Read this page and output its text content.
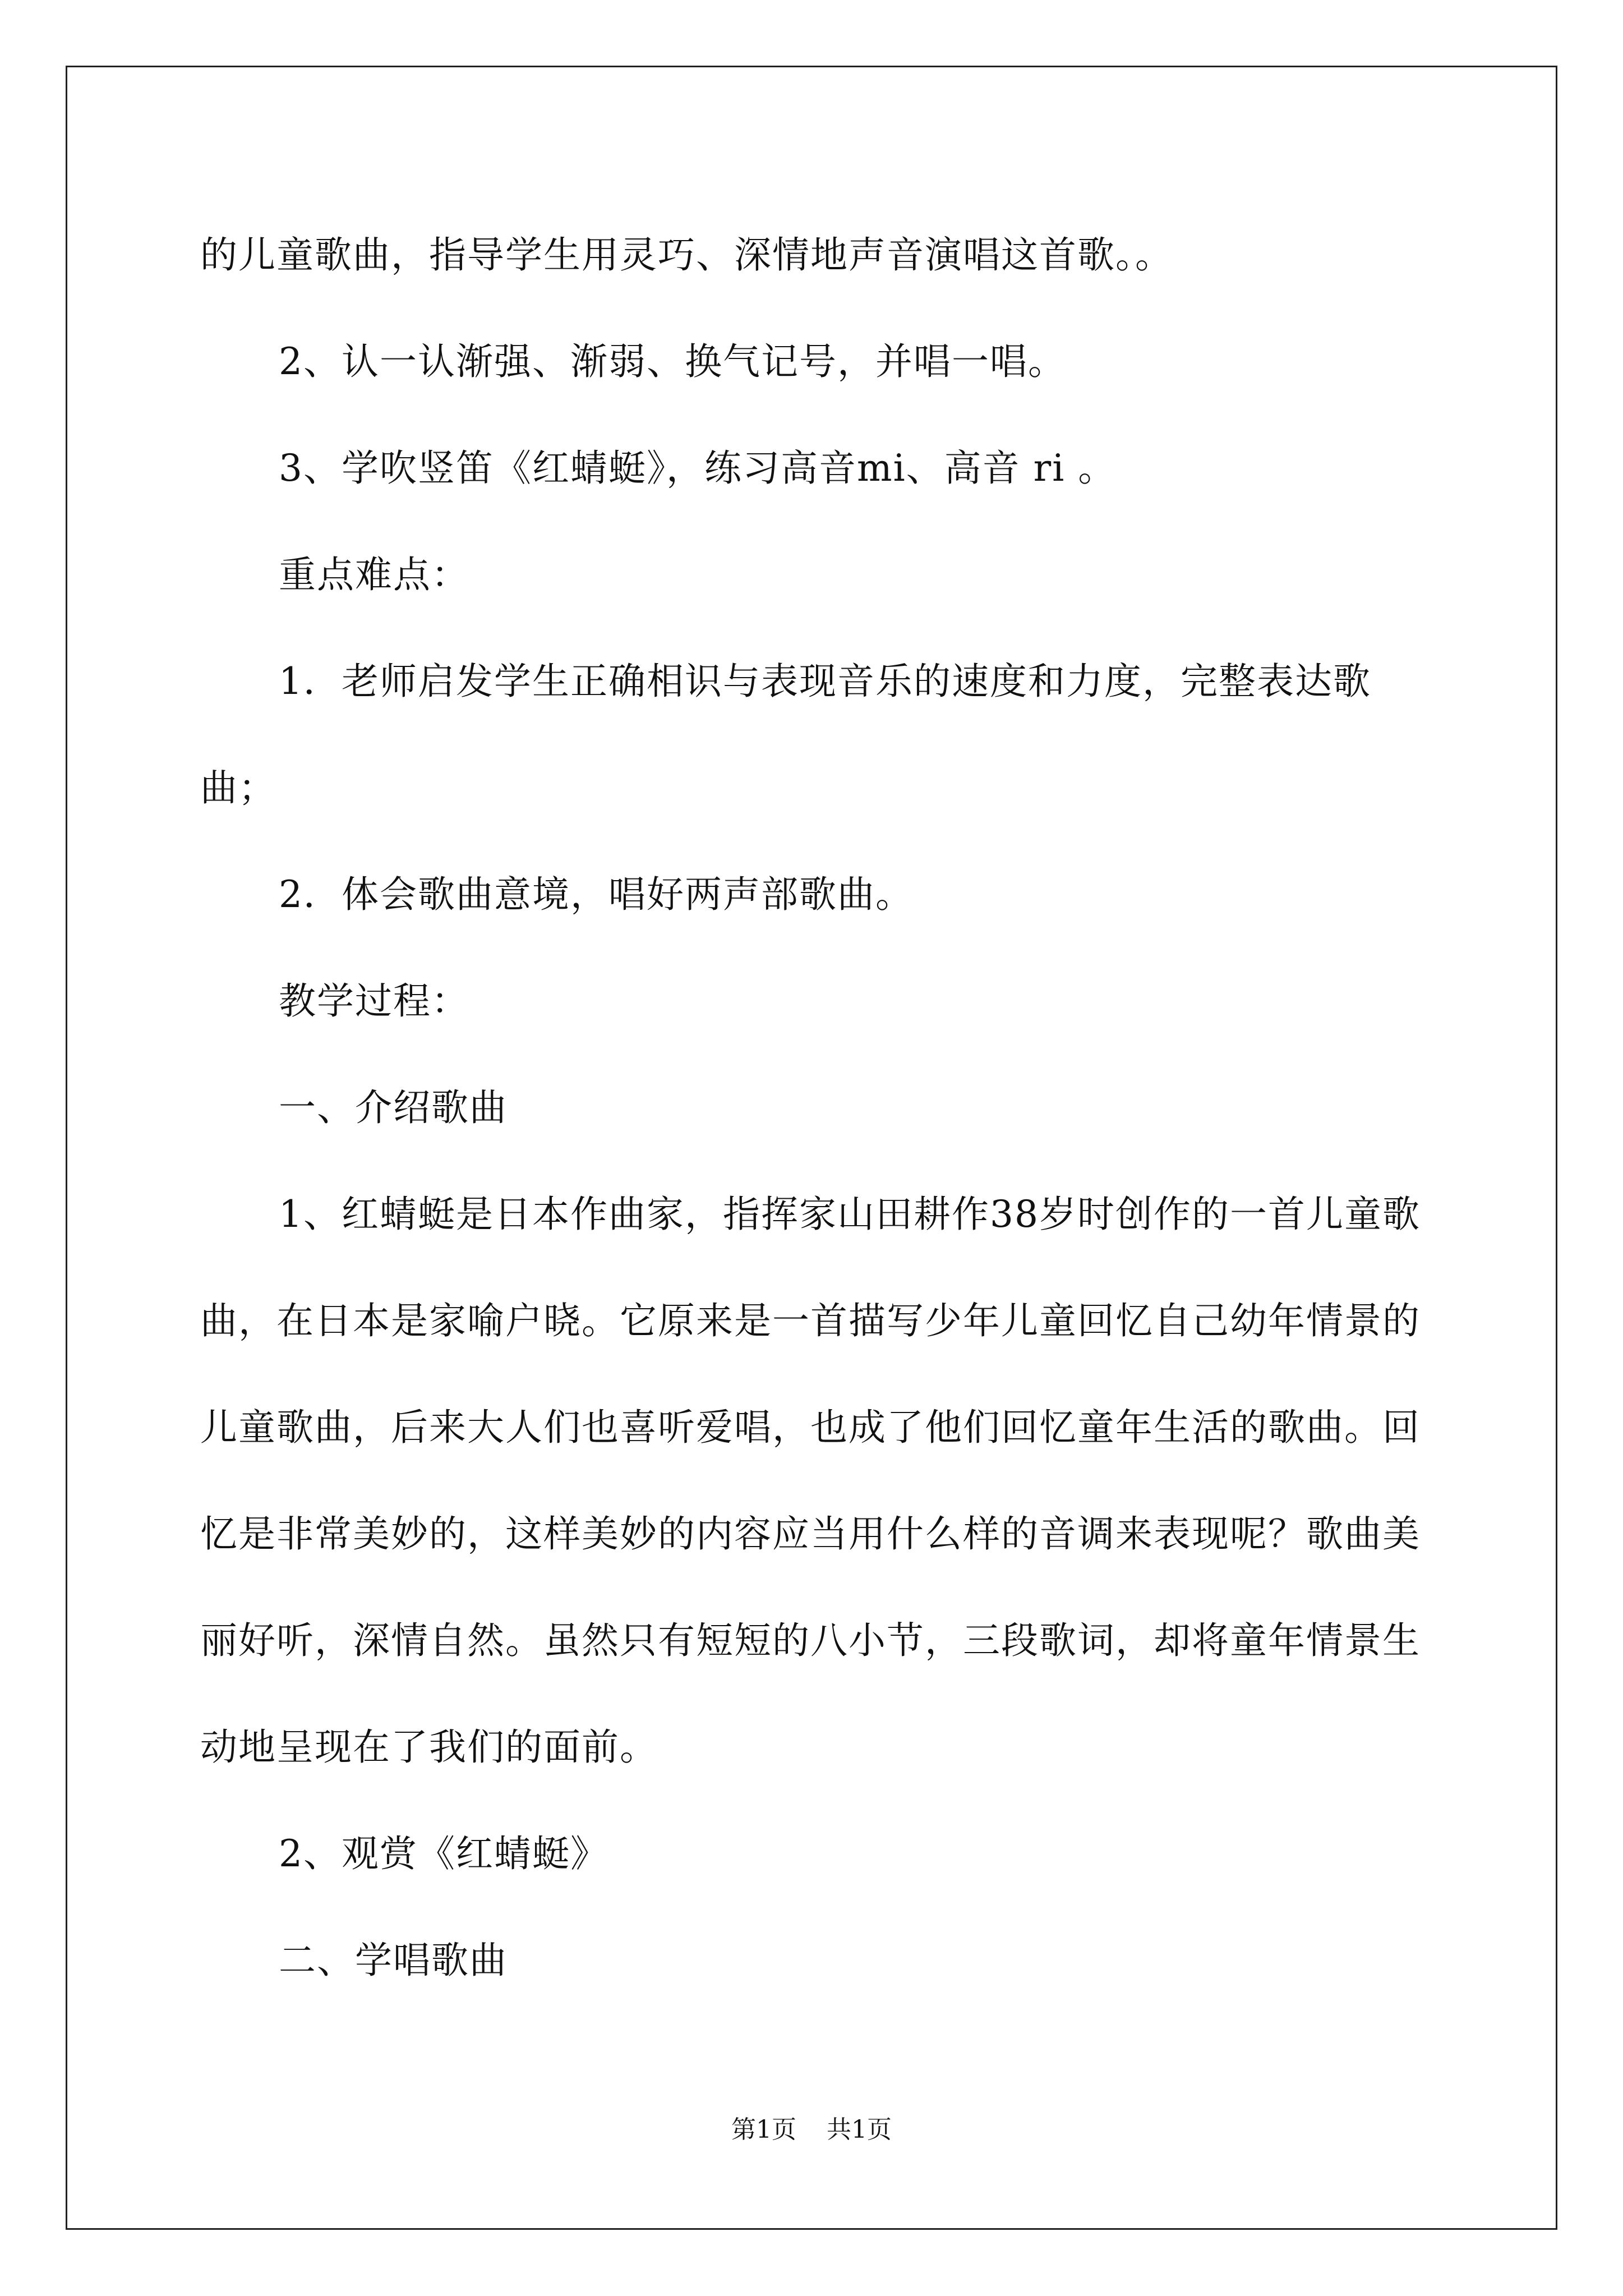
的儿童歌曲，指导学生用灵巧、深情地声音演唱这首歌。。

2、认一认渐强、渐弱、换气记号，并唱一唱。

3、学吹竖笛《红蜻蜓》，练习高音mi、高音 ri 。

重点难点：

1．老师启发学生正确相识与表现音乐的速度和力度，完整表达歌曲；

2．体会歌曲意境，唱好两声部歌曲。

教学过程：

一、介绍歌曲

1、红蜻蜓是日本作曲家，指挥家山田耕作38岁时创作的一首儿童歌曲，在日本是家喻户晓。它原来是一首描写少年儿童回忆自己幼年情景的儿童歌曲，后来大人们也喜听爱唱，也成了他们回忆童年生活的歌曲。回忆是非常美妙的，这样美妙的内容应当用什么样的音调来表现呢？歌曲美丽好听，深情自然。虽然只有短短的八小节，三段歌词，却将童年情景生动地呈现在了我们的面前。

2、观赏《红蜻蜓》

二、学唱歌曲

第1页 共1页
